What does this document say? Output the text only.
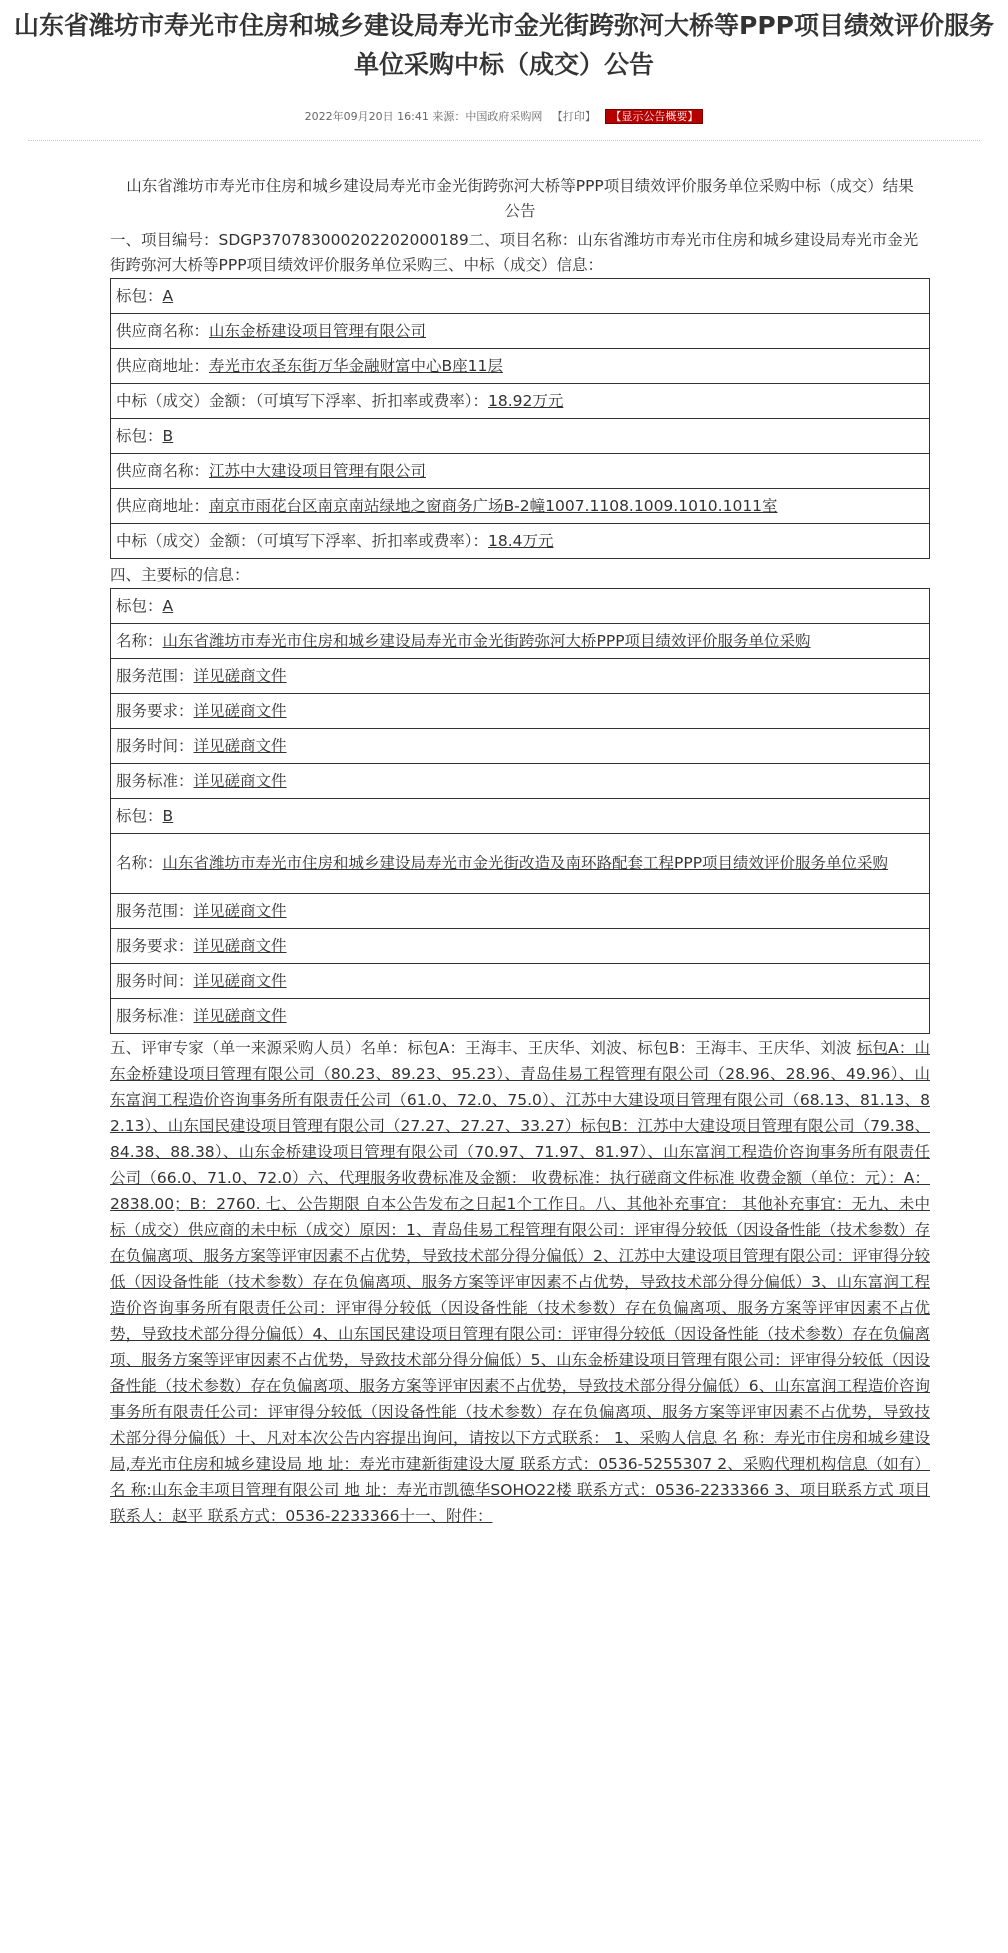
山东省潍坊市寿光市住房和城乡建设局寿光市金光街跨弥河大桥等PPP项目绩效评价服务单位采购中标（成交）公告
2022年09月20日 16:41 来源：中国政府采购网 【打印】 【显示公告概要】
山东省潍坊市寿光市住房和城乡建设局寿光市金光街跨弥河大桥等PPP项目绩效评价服务单位采购中标（成交）结果公告

一、项目编号：SDGP370783000202202000189二、项目名称：山东省潍坊市寿光市住房和城乡建设局寿光市金光街跨弥河大桥等PPP项目绩效评价服务单位采购三、中标（成交）信息：

标包：A
供应商名称：山东金桥建设项目管理有限公司
供应商地址：寿光市农圣东街万华金融财富中心B座11层
中标（成交）金额：（可填写下浮率、折扣率或费率）：18.92万元
标包：B
供应商名称：江苏中大建设项目管理有限公司
供应商地址：南京市雨花台区南京南站绿地之窗商务广场B-2幢1007.1108.1009.1010.1011室
中标（成交）金额：（可填写下浮率、折扣率或费率）：18.4万元
四、主要标的信息：
标包：A
名称：山东省潍坊市寿光市住房和城乡建设局寿光市金光街跨弥河大桥PPP项目绩效评价服务单位采购
服务范围：详见磋商文件
服务要求：详见磋商文件
服务时间：详见磋商文件
服务标准：详见磋商文件
标包：B
名称：山东省潍坊市寿光市住房和城乡建设局寿光市金光街改造及南环路配套工程PPP项目绩效评价服务单位采购
服务范围：详见磋商文件
服务要求：详见磋商文件
服务时间：详见磋商文件
服务标准：详见磋商文件
五、评审专家（单一来源采购人员）名单：标包A：王海丰、王庆华、刘波、标包B：王海丰、王庆华、刘波 标包A：山东金桥建设项目管理有限公司（80.23、89.23、95.23）、青岛佳易工程管理有限公司（28.96、28.96、49.96）、山东富润工程造价咨询事务所有限责任公司（61.0、72.0、75.0）、江苏中大建设项目管理有限公司（68.13、81.13、82.13）、山东国民建设项目管理有限公司（27.27、27.27、33.27）标包B：江苏中大建设项目管理有限公司（79.38、84.38、88.38）、山东金桥建设项目管理有限公司（70.97、71.97、81.97）、山东富润工程造价咨询事务所有限责任公司（66.0、71.0、72.0）六、代理服务收费标准及金额： 收费标准：执行磋商文件标准 收费金额（单位：元）：A：2838.00；B：2760. 七、公告期限 自本公告发布之日起1个工作日。八、其他补充事宜： 其他补充事宜：无九、未中标（成交）供应商的未中标（成交）原因：1、青岛佳易工程管理有限公司：评审得分较低（因设备性能（技术参数）存在负偏离项、服务方案等评审因素不占优势，导致技术部分得分偏低）2、江苏中大建设项目管理有限公司：评审得分较低（因设备性能（技术参数）存在负偏离项、服务方案等评审因素不占优势，导致技术部分得分偏低）3、山东富润工程造价咨询事务所有限责任公司：评审得分较低（因设备性能（技术参数）存在负偏离项、服务方案等评审因素不占优势，导致技术部分得分偏低）4、山东国民建设项目管理有限公司：评审得分较低（因设备性能（技术参数）存在负偏离项、服务方案等评审因素不占优势，导致技术部分得分偏低）5、山东金桥建设项目管理有限公司：评审得分较低（因设备性能（技术参数）存在负偏离项、服务方案等评审因素不占优势，导致技术部分得分偏低）6、山东富润工程造价咨询事务所有限责任公司：评审得分较低（因设备性能（技术参数）存在负偏离项、服务方案等评审因素不占优势，导致技术部分得分偏低）十、凡对本次公告内容提出询问，请按以下方式联系： 1、采购人信息 名 称：寿光市住房和城乡建设局,寿光市住房和城乡建设局 地 址：寿光市建新街建设大厦 联系方式：0536-5255307 2、采购代理机构信息（如有） 名 称:山东金丰项目管理有限公司 地 址：寿光市凯德华SOHO22楼 联系方式：0536-2233366 3、项目联系方式 项目联系人：赵平 联系方式：0536-2233366十一、附件：
